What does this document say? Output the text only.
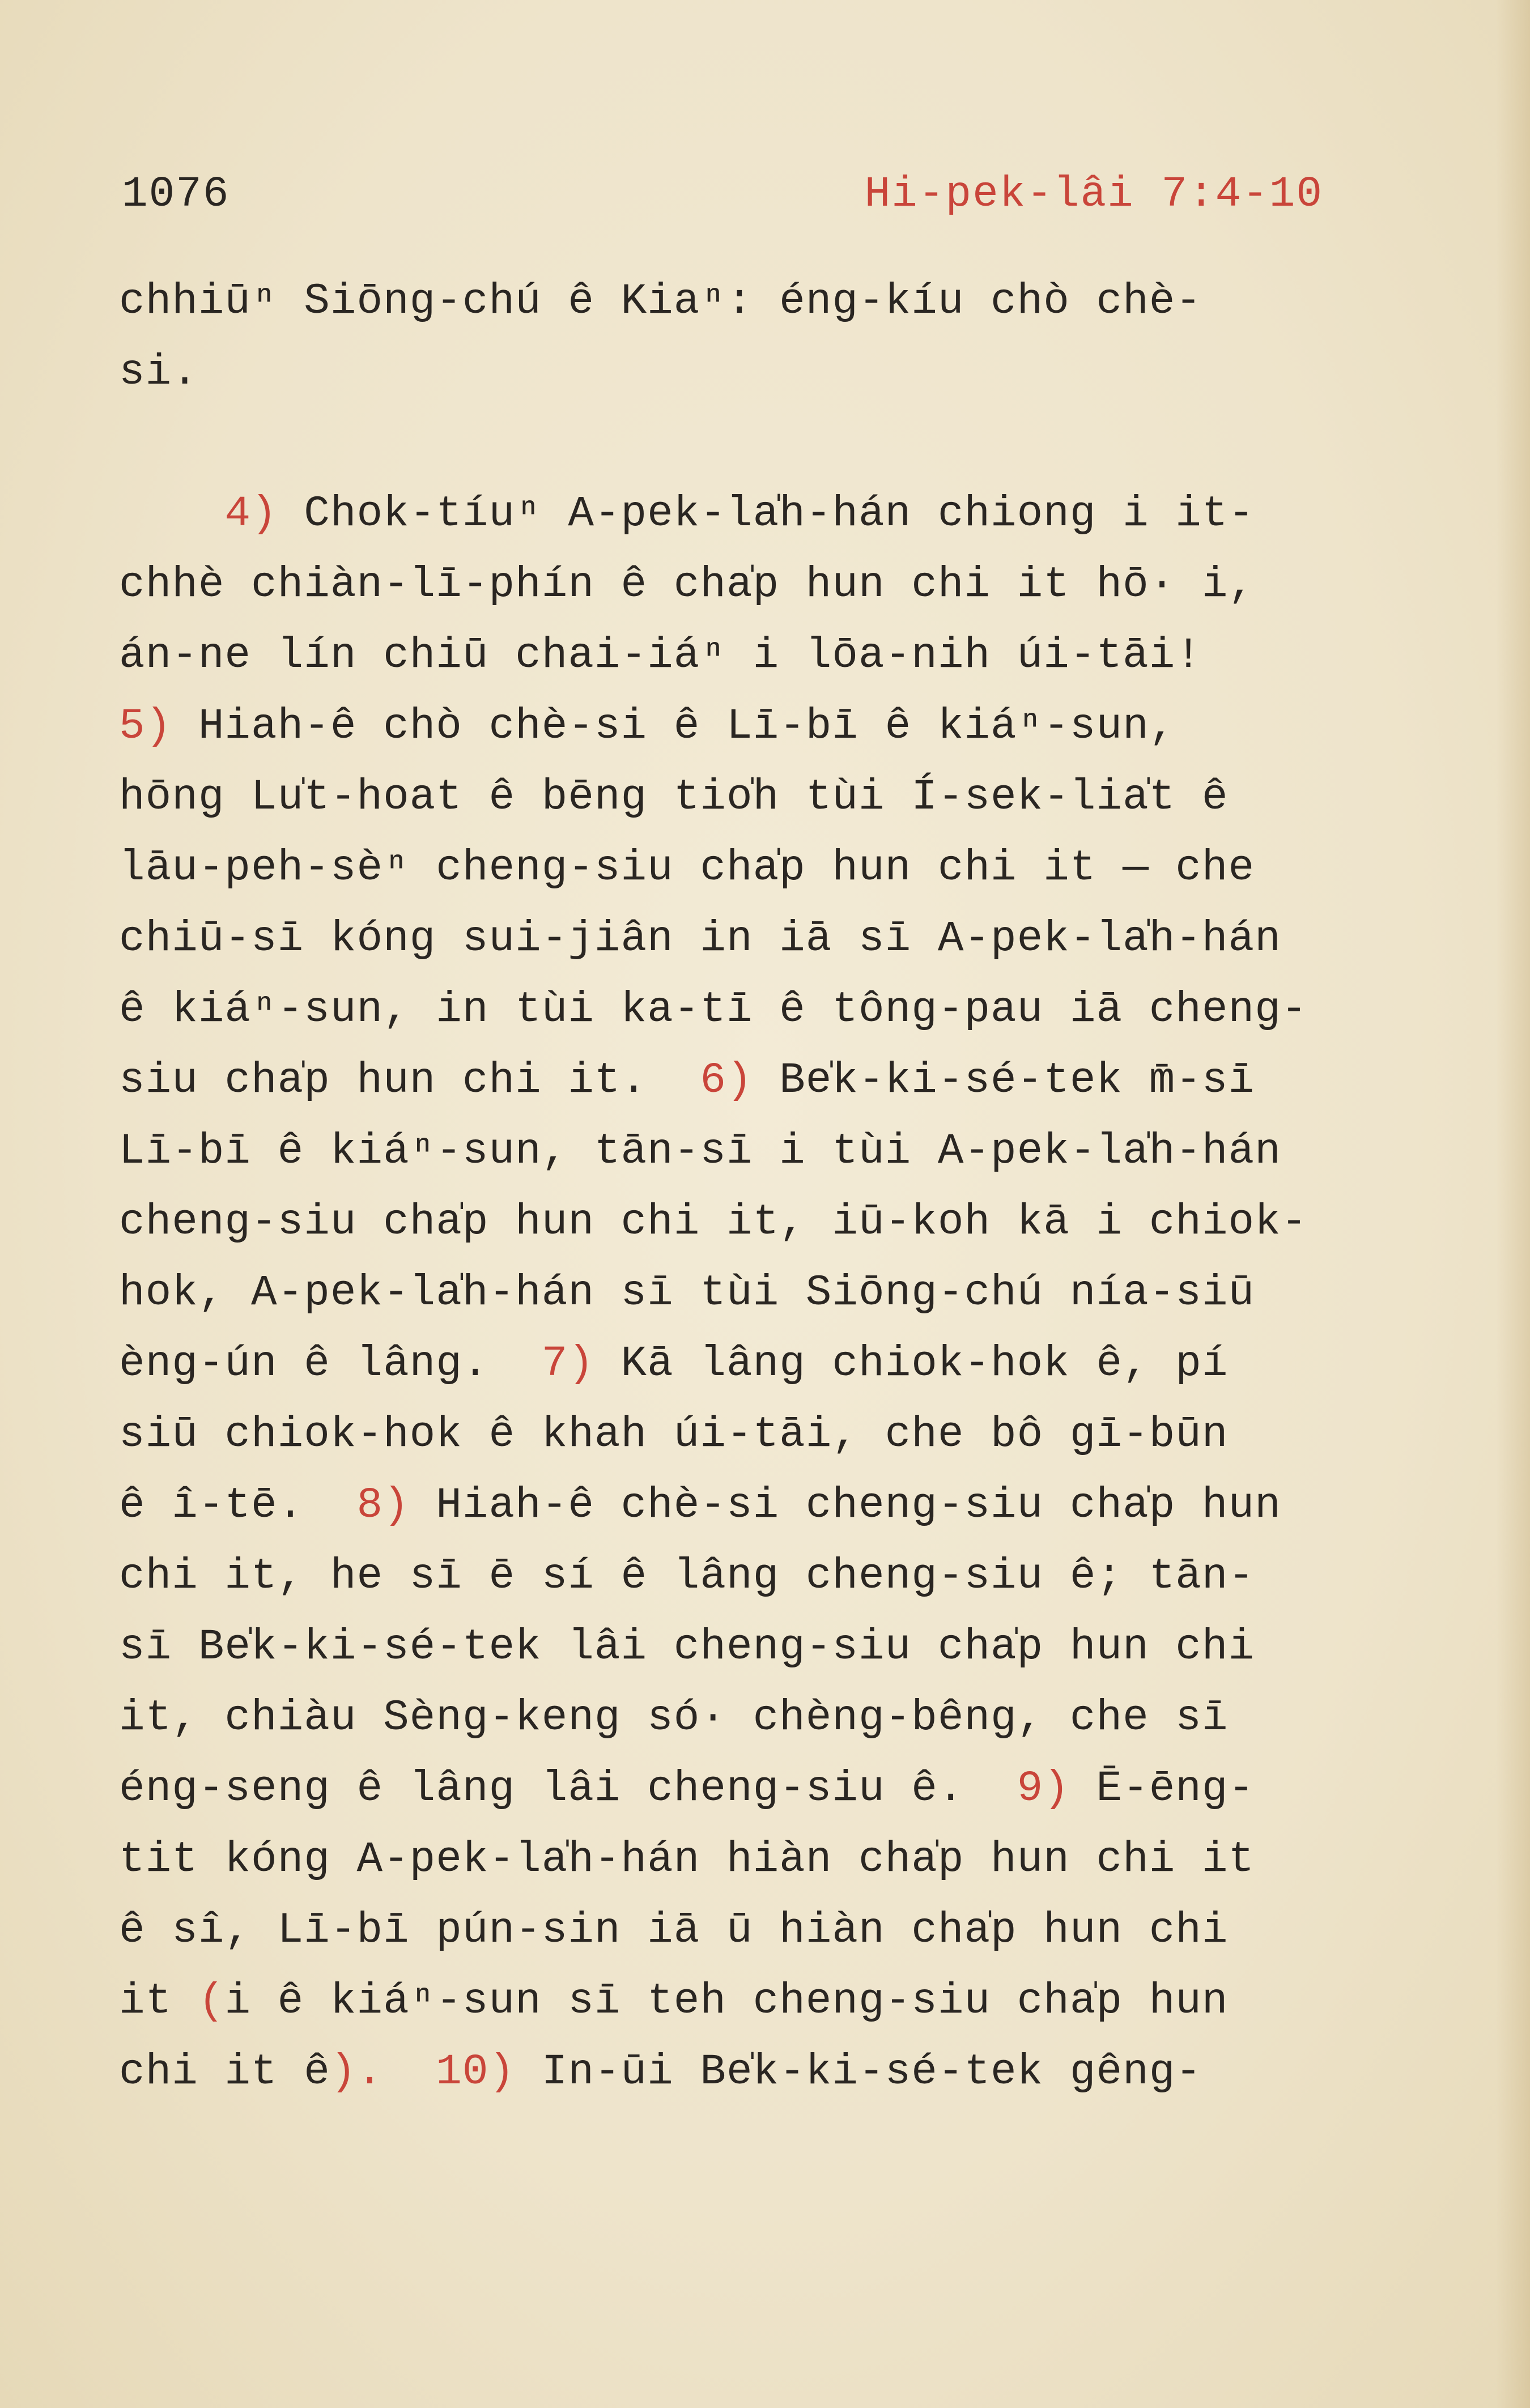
1076	Hi-pek-lâi 7:4-10
chhiūⁿ Siōng-chú ê Kiaⁿ: éng-kíu chò chè-
si.
4) Chok-tíuⁿ A-pek-la̍h-hán chiong i it-
chhè chiàn-lī-phín ê cha̍p hun chi it hō· i,
án-ne lín chiū chai-iáⁿ i lōa-nih úi-tāi!
5) Hiah-ê chò chè-si ê Lī-bī ê kiáⁿ-sun,
hōng Lu̍t-hoat ê bēng tio̍h tùi Í-sek-lia̍t ê
lāu-peh-sèⁿ cheng-siu cha̍p hun chi it — che
chiū-sī kóng sui-jiân in iā sī A-pek-la̍h-hán
ê kiáⁿ-sun, in tùi ka-tī ê tông-pau iā cheng-
siu cha̍p hun chi it.  6) Be̍k-ki-sé-tek m̄-sī
Lī-bī ê kiáⁿ-sun, tān-sī i tùi A-pek-la̍h-hán
cheng-siu cha̍p hun chi it, iū-koh kā i chiok-
hok, A-pek-la̍h-hán sī tùi Siōng-chú nía-siū
èng-ún ê lâng.  7) Kā lâng chiok-hok ê, pí
siū chiok-hok ê khah úi-tāi, che bô gī-būn
ê î-tē.  8) Hiah-ê chè-si cheng-siu cha̍p hun
chi it, he sī ē sí ê lâng cheng-siu ê; tān-
sī Be̍k-ki-sé-tek lâi cheng-siu cha̍p hun chi
it, chiàu Sèng-keng só· chèng-bêng, che sī
éng-seng ê lâng lâi cheng-siu ê.  9) Ē-ēng-
tit kóng A-pek-la̍h-hán hiàn cha̍p hun chi it
ê sî, Lī-bī pún-sin iā ū hiàn cha̍p hun chi
it (i ê kiáⁿ-sun sī teh cheng-siu cha̍p hun
chi it ê). 10) In-ūi Be̍k-ki-sé-tek gêng-
